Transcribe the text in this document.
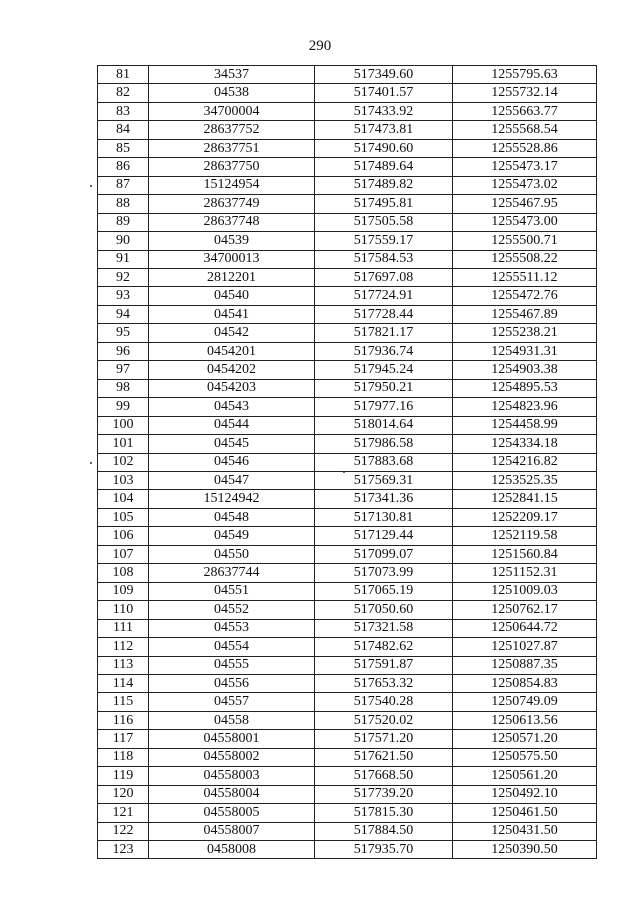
290
81	34537	517349.60	1255795.63
82	04538	517401.57	1255732.14
83	34700004	517433.92	1255663.77
84	28637752	517473.81	1255568.54
85	28637751	517490.60	1255528.86
86	28637750	517489.64	1255473.17
87	15124954	517489.82	1255473.02
88	28637749	517495.81	1255467.95
89	28637748	517505.58	1255473.00
90	04539	517559.17	1255500.71
91	34700013	517584.53	1255508.22
92	2812201	517697.08	1255511.12
93	04540	517724.91	1255472.76
94	04541	517728.44	1255467.89
95	04542	517821.17	1255238.21
96	0454201	517936.74	1254931.31
97	0454202	517945.24	1254903.38
98	0454203	517950.21	1254895.53
99	04543	517977.16	1254823.96
100	04544	518014.64	1254458.99
101	04545	517986.58	1254334.18
102	04546	517883.68	1254216.82
103	04547	517569.31	1253525.35
104	15124942	517341.36	1252841.15
105	04548	517130.81	1252209.17
106	04549	517129.44	1252119.58
107	04550	517099.07	1251560.84
108	28637744	517073.99	1251152.31
109	04551	517065.19	1251009.03
110	04552	517050.60	1250762.17
111	04553	517321.58	1250644.72
112	04554	517482.62	1251027.87
113	04555	517591.87	1250887.35
114	04556	517653.32	1250854.83
115	04557	517540.28	1250749.09
116	04558	517520.02	1250613.56
117	04558001	517571.20	1250571.20
118	04558002	517621.50	1250575.50
119	04558003	517668.50	1250561.20
120	04558004	517739.20	1250492.10
121	04558005	517815.30	1250461.50
122	04558007	517884.50	1250431.50
123	0458008	517935.70	1250390.50
